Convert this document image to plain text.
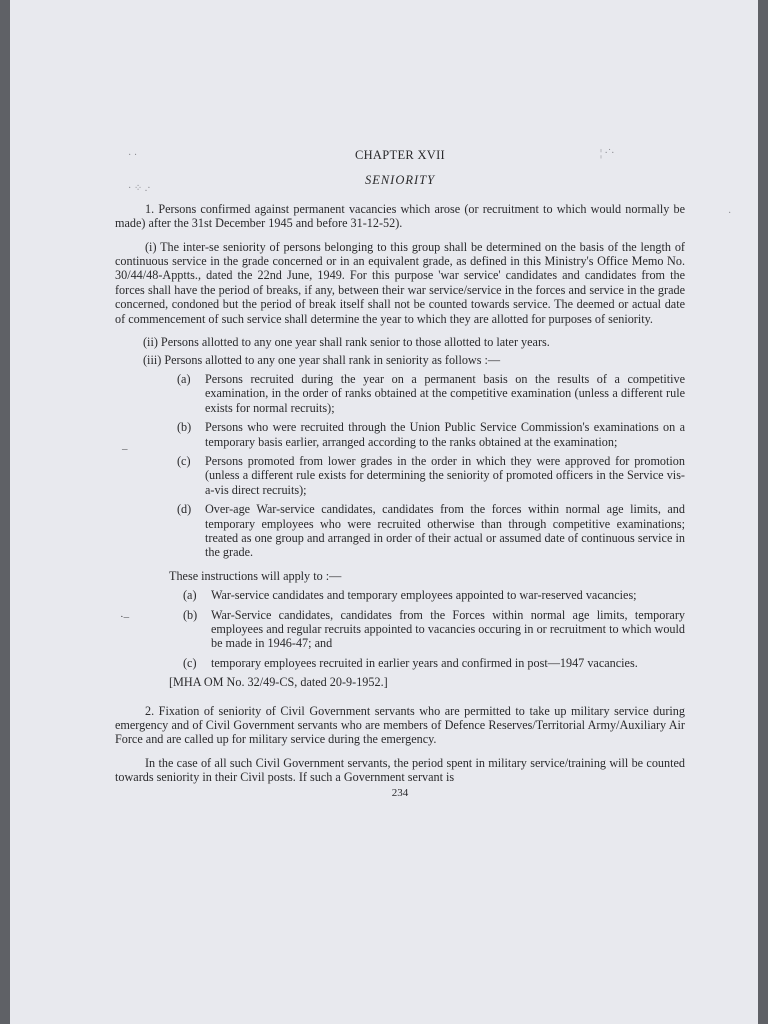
· ·
· ⁘ .·
¦ ·˙·
·
–
·–

CHAPTER XVII

SENIORITY

1. Persons confirmed against permanent vacancies which arose (or recruitment to which would normally be made) after the 31st December 1945 and before 31-12-52).

(i) The inter-se seniority of persons belonging to this group shall be determined on the basis of the length of continuous service in the grade concerned or in an equivalent grade, as defined in this Ministry's Office Memo No. 30/44/48-Apptts., dated the 22nd June, 1949. For this purpose 'war service' candidates and candidates from the forces shall have the period of breaks, if any, between their war service/service in the forces and service in the grade concerned, condoned but the period of break itself shall not be counted towards service. The deemed or actual date of commencement of such service shall determine the year to which they are allotted for purposes of seniority.

(ii) Persons allotted to any one year shall rank senior to those allotted to later years.

(iii) Persons allotted to any one year shall rank in seniority as follows :—

(a)	Persons recruited during the year on a permanent basis on the results of a competitive examination, in the order of ranks obtained at the competitive examination (unless a different rule exists for normal recruits);
(b)	Persons who were recruited through the Union Public Service Commission's examinations on a temporary basis earlier, arranged according to the ranks obtained at the examination;
(c)	Persons promoted from lower grades in the order in which they were approved for promotion (unless a different rule exists for determining the seniority of promoted officers in the Service vis-a-vis direct recruits);
(d)	Over-age War-service candidates, candidates from the forces within normal age limits, and temporary employees who were recruited otherwise than through competitive examinations; treated as one group and arranged in order of their actual or assumed date of continuous service in the grade.

These instructions will apply to :—

(a)	War-service candidates and temporary employees appointed to war-reserved vacancies;
(b)	War-Service candidates, candidates from the Forces within normal age limits, temporary employees and regular recruits appointed to vacancies occuring in or recruitment to which would be made in 1946-47; and
(c)	temporary employees recruited in earlier years and confirmed in post—1947 vacancies.

[MHA OM No. 32/49-CS, dated 20-9-1952.]

2. Fixation of seniority of Civil Government servants who are permitted to take up military service during emergency and of Civil Government servants who are members of Defence Reserves/Territorial Army/Auxiliary Air Force and are called up for military service during the emergency.

In the case of all such Civil Government servants, the period spent in military service/training will be counted towards seniority in their Civil posts. If such a Government servant is

234
